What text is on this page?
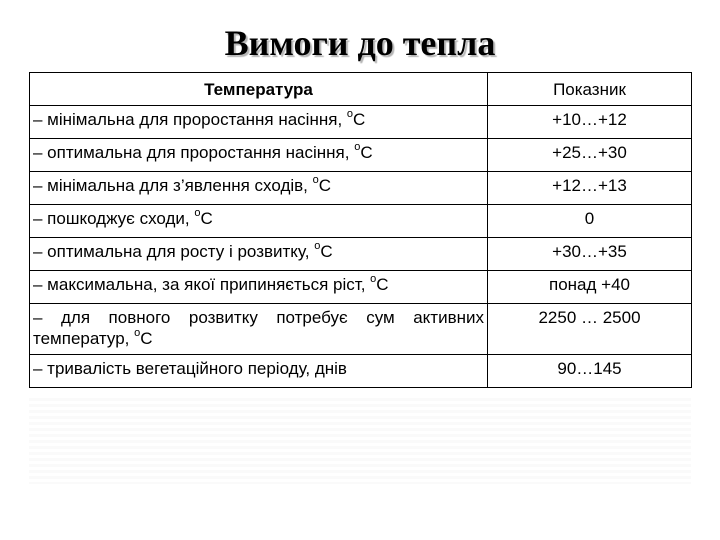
Вимоги до тепла
Температура	Показник
– мінімальна для проростання насіння, $^о$С	+10…+12
– оптимальна для проростання насіння, $^о$С	+25…+30
– мінімальна для з’явлення сходів, $^о$С	+12…+13
– пошкоджує сходи, $^о$С	0
– оптимальна для росту і розвитку, $^о$С	+30…+35
– максимальна, за якої припиняється ріст, $^о$С	понад +40
– для повного розвитку потребує сум активних температур, $^о$С	2250 … 2500
– тривалість вегетаційного періоду, днів	90…145
